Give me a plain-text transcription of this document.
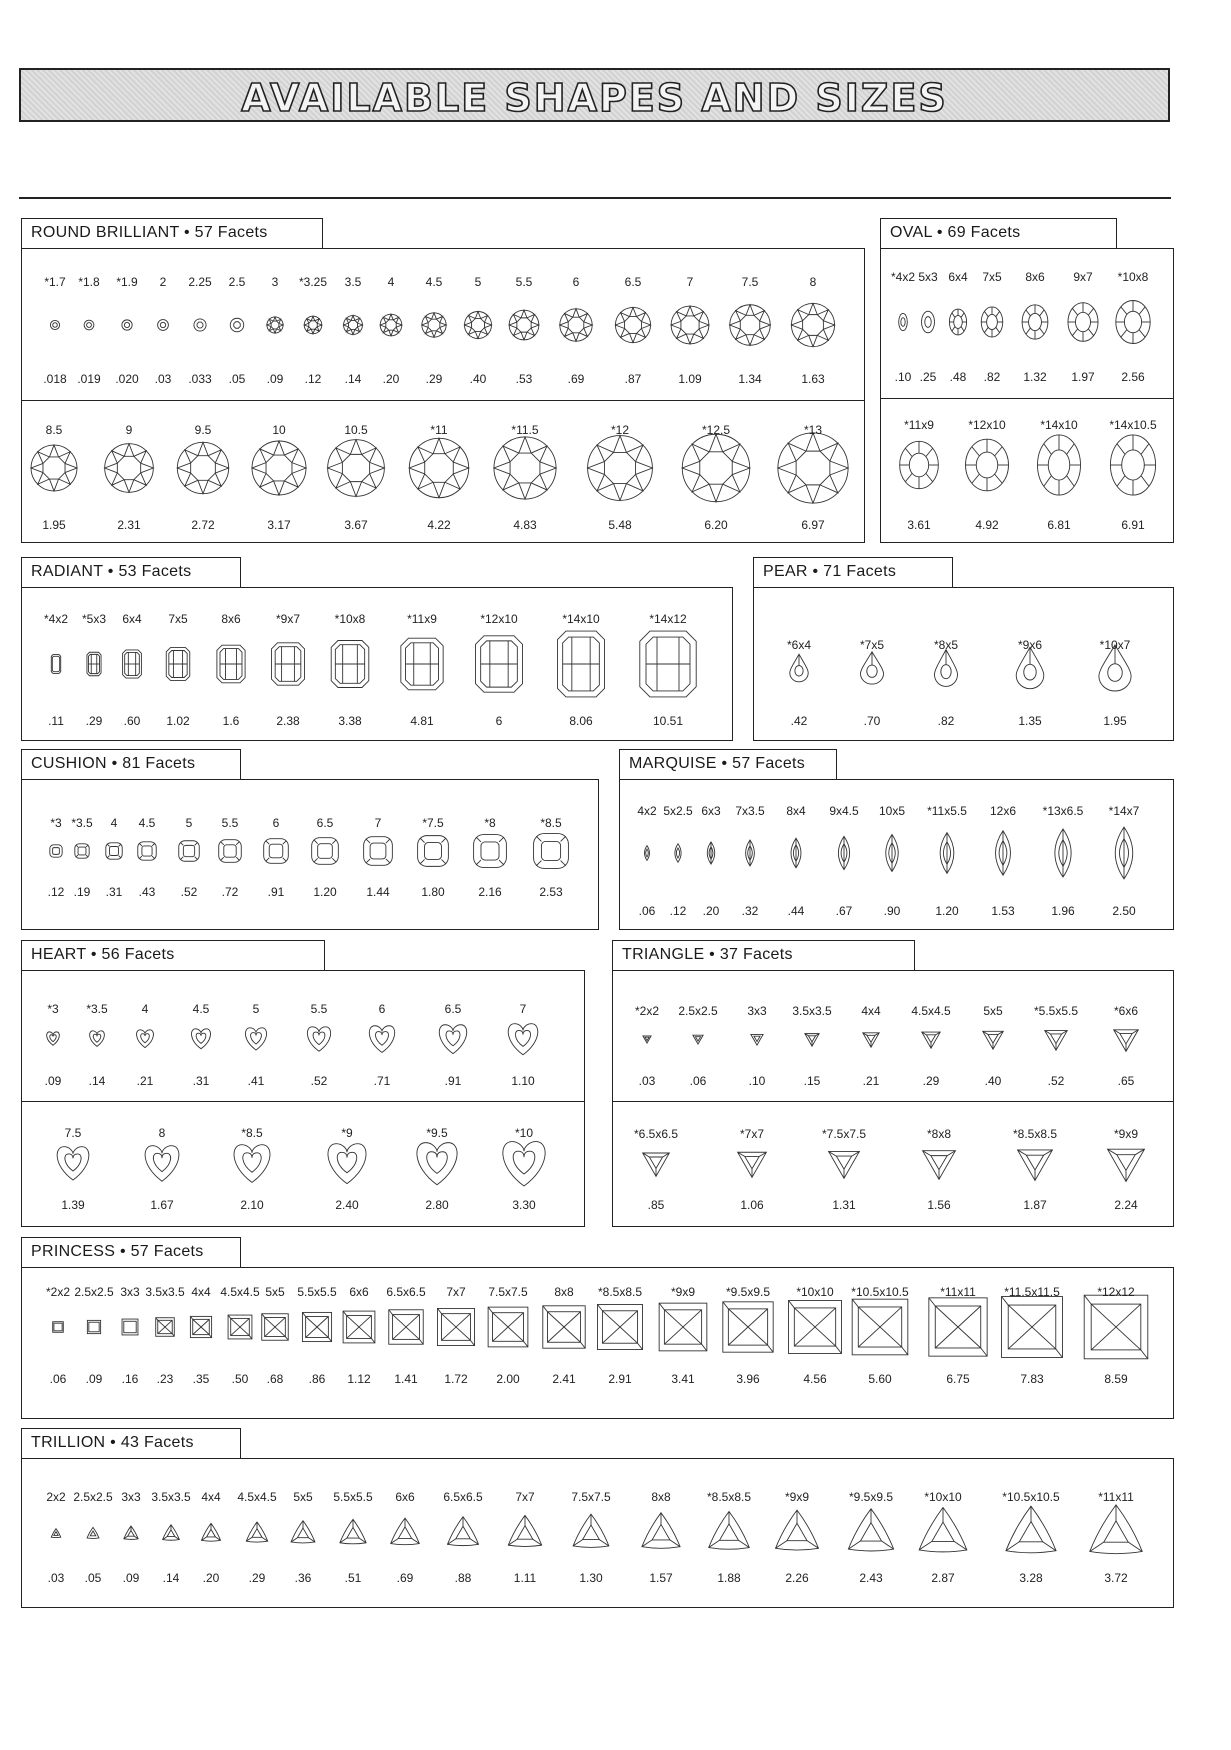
AVAILABLE SHAPES AND SIZES
ROUND BRILLIANT • 57 Facets
*1.7
.018
*1.8
.019
*1.9
.020
2
.03
2.25
.033
2.5
.05
3
.09
*3.25
.12
3.5
.14
4
.20
4.5
.29
5
.40
5.5
.53
6
.69
6.5
.87
7
1.09
7.5
1.34
8
1.63
8.5
1.95
9
2.31
9.5
2.72
10
3.17
10.5
3.67
*11
4.22
*11.5
4.83
*12
5.48
*12.5
6.20
*13
6.97
OVAL • 69 Facets
*4x2
.10
5x3
.25
6x4
.48
7x5
.82
8x6
1.32
9x7
1.97
*10x8
2.56
*11x9
3.61
*12x10
4.92
*14x10
6.81
*14x10.5
6.91
RADIANT • 53 Facets
*4x2
.11
*5x3
.29
6x4
.60
7x5
1.02
8x6
1.6
*9x7
2.38
*10x8
3.38
*11x9
4.81
*12x10
6
*14x10
8.06
*14x12
10.51
PEAR • 71 Facets
*6x4
.42
*7x5
.70
*8x5
.82
*9x6
1.35
*10x7
1.95
CUSHION • 81 Facets
*3
.12
*3.5
.19
4
.31
4.5
.43
5
.52
5.5
.72
6
.91
6.5
1.20
7
1.44
*7.5
1.80
*8
2.16
*8.5
2.53
MARQUISE • 57 Facets
4x2
.06
5x2.5
.12
6x3
.20
7x3.5
.32
8x4
.44
9x4.5
.67
10x5
.90
*11x5.5
1.20
12x6
1.53
*13x6.5
1.96
*14x7
2.50
HEART • 56 Facets
*3
.09
*3.5
.14
4
.21
4.5
.31
5
.41
5.5
.52
6
.71
6.5
.91
7
1.10
7.5
1.39
8
1.67
*8.5
2.10
*9
2.40
*9.5
2.80
*10
3.30
TRIANGLE • 37 Facets
*2x2
.03
2.5x2.5
.06
3x3
.10
3.5x3.5
.15
4x4
.21
4.5x4.5
.29
5x5
.40
*5.5x5.5
.52
*6x6
.65
*6.5x6.5
.85
*7x7
1.06
*7.5x7.5
1.31
*8x8
1.56
*8.5x8.5
1.87
*9x9
2.24
PRINCESS • 57 Facets
*2x2
.06
2.5x2.5
.09
3x3
.16
3.5x3.5
.23
4x4
.35
4.5x4.5
.50
5x5
.68
5.5x5.5
.86
6x6
1.12
6.5x6.5
1.41
7x7
1.72
7.5x7.5
2.00
8x8
2.41
*8.5x8.5
2.91
*9x9
3.41
*9.5x9.5
3.96
*10x10
4.56
*10.5x10.5
5.60
*11x11
6.75
*11.5x11.5
7.83
*12x12
8.59
TRILLION • 43 Facets
2x2
.03
2.5x2.5
.05
3x3
.09
3.5x3.5
.14
4x4
.20
4.5x4.5
.29
5x5
.36
5.5x5.5
.51
6x6
.69
6.5x6.5
.88
7x7
1.11
7.5x7.5
1.30
8x8
1.57
*8.5x8.5
1.88
*9x9
2.26
*9.5x9.5
2.43
*10x10
2.87
*10.5x10.5
3.28
*11x11
3.72
